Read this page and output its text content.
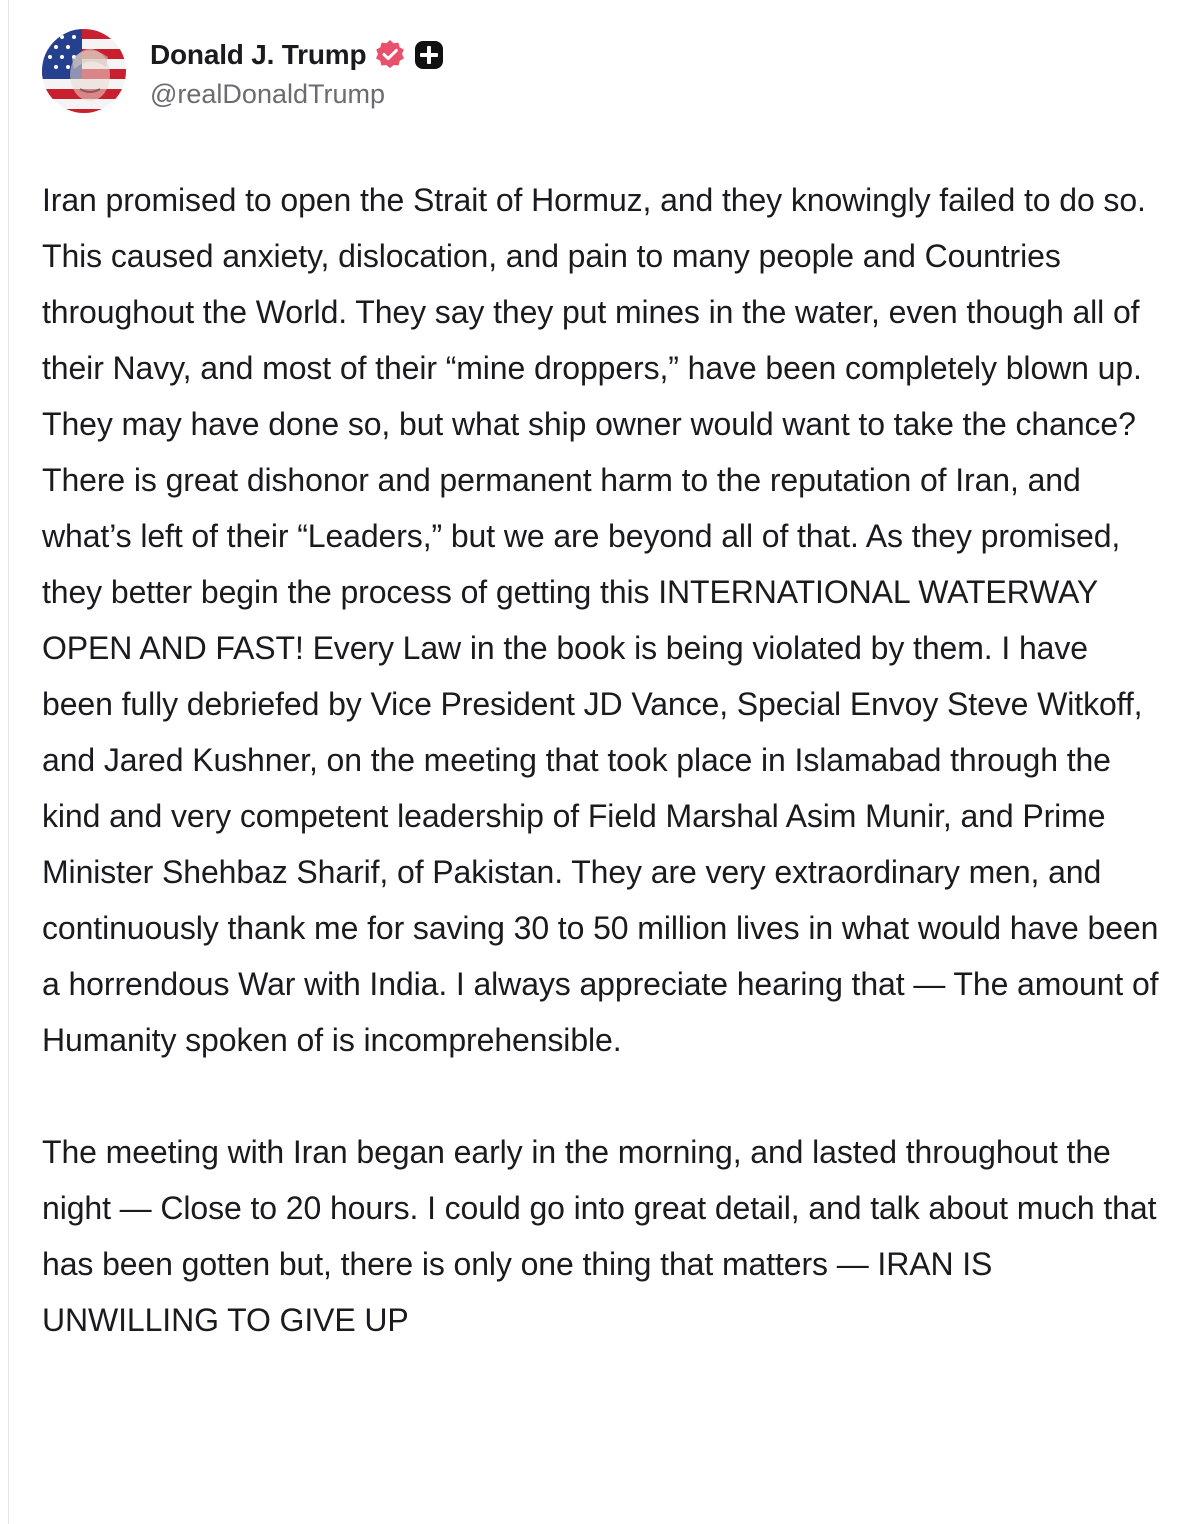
Donald J. Trump
@realDonaldTrump

Iran promised to open the Strait of Hormuz, and they knowingly failed to do so. This caused anxiety, dislocation, and pain to many people and Countries throughout the World. They say they put mines in the water, even though all of their Navy, and most of their “mine droppers,” have been completely blown up. They may have done so, but what ship owner would want to take the chance? There is great dishonor and permanent harm to the reputation of Iran, and what’s left of their “Leaders,” but we are beyond all of that. As they promised, they better begin the process of getting this INTERNATIONAL WATERWAY OPEN AND FAST! Every Law in the book is being violated by them. I have been fully debriefed by Vice President JD Vance, Special Envoy Steve Witkoff, and Jared Kushner, on the meeting that took place in Islamabad through the kind and very competent leadership of Field Marshal Asim Munir, and Prime Minister Shehbaz Sharif, of Pakistan. They are very extraordinary men, and continuously thank me for saving 30 to 50 million lives in what would have been a horrendous War with India. I always appreciate hearing that — The amount of Humanity spoken of is incomprehensible.

The meeting with Iran began early in the morning, and lasted throughout the night — Close to 20 hours. I could go into great detail, and talk about much that has been gotten but, there is only one thing that matters — IRAN IS UNWILLING TO GIVE UP
